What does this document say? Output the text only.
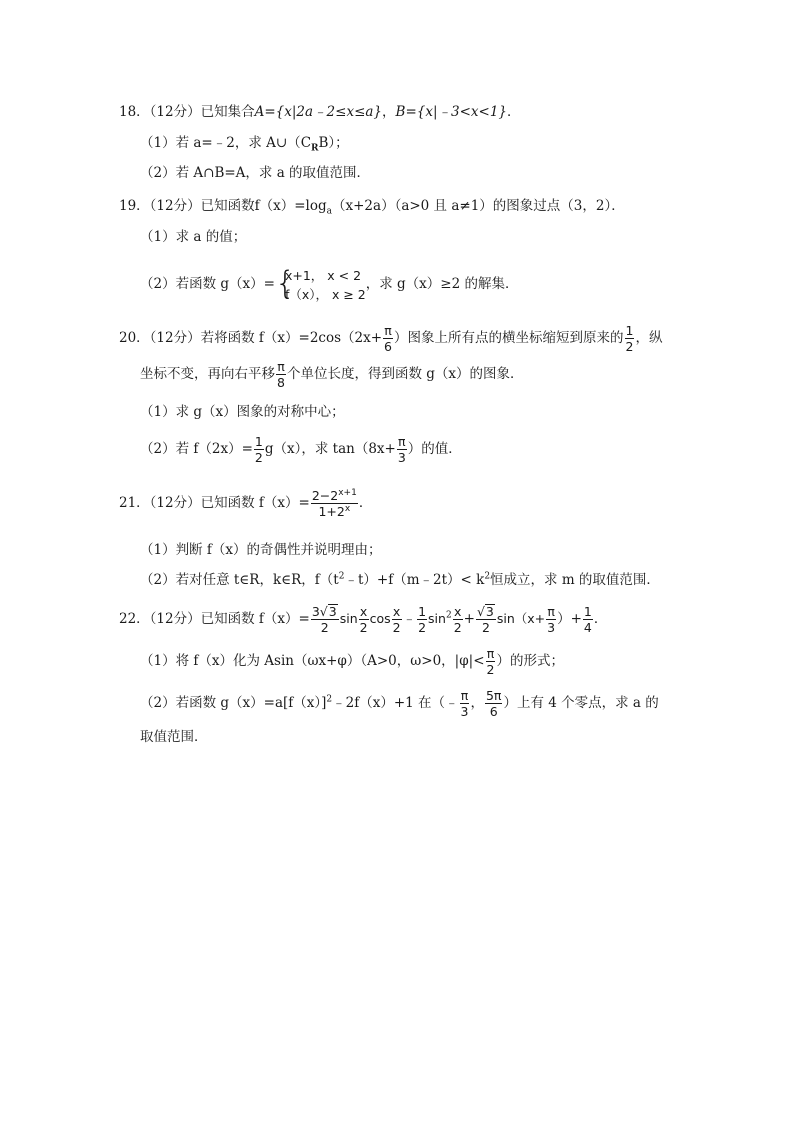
18．（12分）已知集合A={x|2a﹣2≤x≤a}，B={x|﹣3<x<1}．
（1）若 a=﹣2，求 $A\cup(C_RB)$；
（2）若 A∩B=A，求 a 的取值范围．
19．（12分）已知函数$f(x)=\log_a(x+2a)(a>0$ 且 a≠1）的图象过点（3，2）．
（1）求 a 的值；
（2）若函数 g（x）= {
x+1， x < 2
f（x）， x ≥ 2
，求 g（x）≥2 的解集．
20．（12分）若将函数 $f(x)=2\cos(2x+ \frac{\pi}{6}$ ）图象上所有点的横坐标缩短到原来的 $\frac{1}{2}$ ，纵
坐标不变，再向右平移 $\frac{\pi}{8}$ 个单位长度，得到函数 g（x）的图象．
（1）求 g（x）图象的对称中心；
（2）若 $f(2x)= \frac{1}{2} g(x)$，求 $\tan(8x+ \frac{\pi}{3}$ ）的值．
21．（12分）已知函数 $f(x)= \frac{2-2^{x+1}}{1+2^x}$ ．
（1）判断 f（x）的奇偶性并说明理由；
（2）若对任意 t∈R，k∈R，$f(t^2﹣t)+f(m﹣2t)< k^2$恒成立，求 m 的取值范围．
22．（12分）已知函数 $f(x)= \frac{3√3}{2}$ $\sin \frac{x}{2}$ $\cos \frac{x}{2}$ ﹣ $\frac{1}{2} \sin^2 \frac{x}{2} + \frac{√3}{2} \sin(x+ \frac{\pi}{3}$ ）+ $\frac{1}{4}$ ．
（1）将 f（x）化为 Asin（ωx+φ）（A>0，ω>0，$|\varphi|< \frac{\pi}{2}$ ）的形式；
（2）若函数 $g(x)=a[f(x)]^2﹣2f(x)+1$ 在（﹣ $\frac{\pi}{3}$ ， $\frac{5\pi}{6}$ ）上有 4 个零点，求 a 的
取值范围．
